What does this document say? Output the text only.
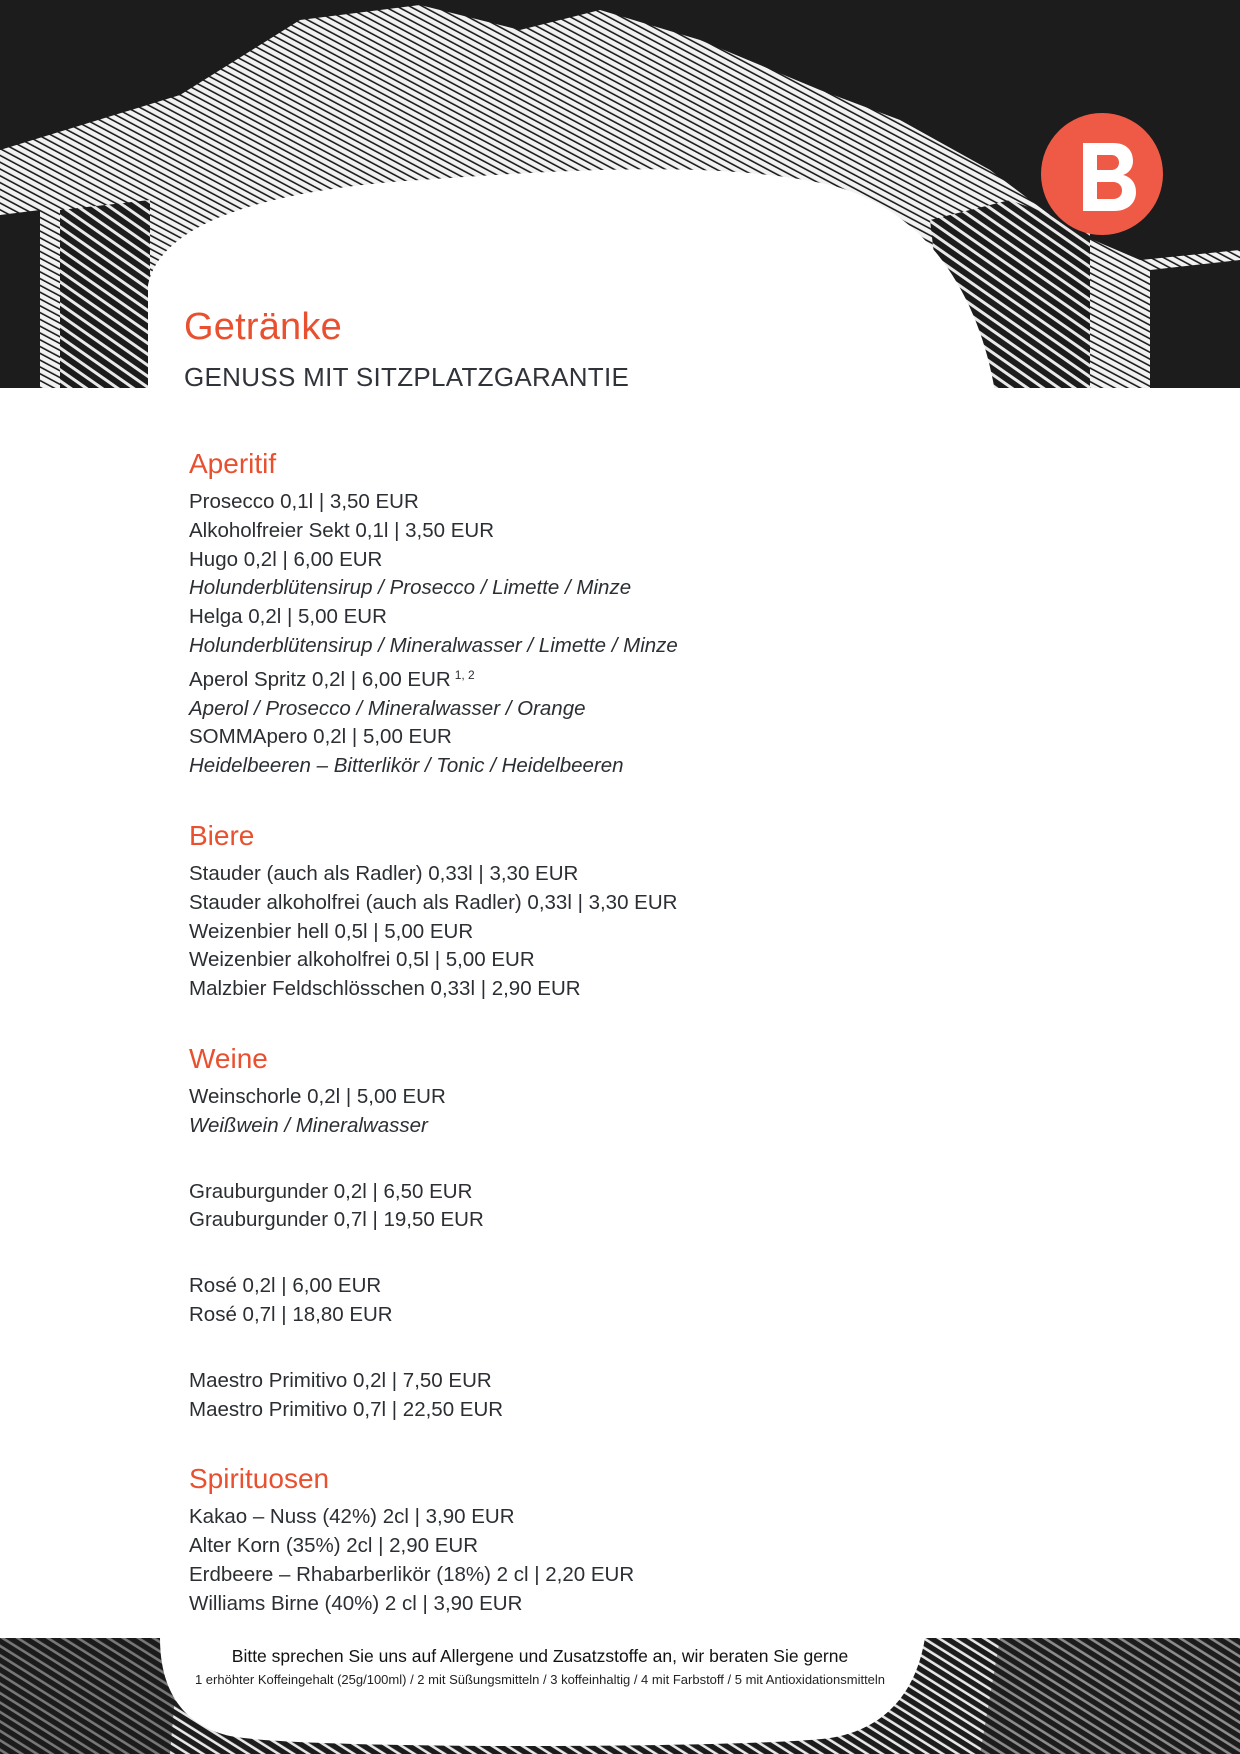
Getränke

GENUSS MIT SITZPLATZGARANTIE

Aperitif
Prosecco 0,1l | 3,50 EUR
Alkoholfreier Sekt 0,1l | 3,50 EUR
Hugo 0,2l | 6,00 EUR
Holunderblütensirup / Prosecco / Limette / Minze
Helga 0,2l | 5,00 EUR
Holunderblütensirup / Mineralwasser / Limette / Minze
Aperol Spritz 0,2l | 6,00 EUR $^{1, 2}$
Aperol / Prosecco / Mineralwasser / Orange
SOMMApero 0,2l | 5,00 EUR
Heidelbeeren – Bitterlikör / Tonic / Heidelbeeren
Biere
Stauder (auch als Radler) 0,33l | 3,30 EUR
Stauder alkoholfrei (auch als Radler) 0,33l | 3,30 EUR
Weizenbier hell 0,5l | 5,00 EUR
Weizenbier alkoholfrei 0,5l | 5,00 EUR
Malzbier Feldschlösschen 0,33l | 2,90 EUR
Weine
Weinschorle 0,2l | 5,00 EUR
Weißwein / Mineralwasser
Grauburgunder 0,2l | 6,50 EUR
Grauburgunder 0,7l | 19,50 EUR
Rosé 0,2l | 6,00 EUR
Rosé 0,7l | 18,80 EUR
Maestro Primitivo 0,2l | 7,50 EUR
Maestro Primitivo 0,7l | 22,50 EUR
Spirituosen
Kakao – Nuss (42%) 2cl | 3,90 EUR
Alter Korn (35%) 2cl | 2,90 EUR
Erdbeere – Rhabarberlikör (18%) 2 cl | 2,20 EUR
Williams Birne (40%) 2 cl | 3,90 EUR
Bitte sprechen Sie uns auf Allergene und Zusatzstoffe an, wir beraten Sie gerne
1 erhöhter Koffeingehalt (25g/100ml) / 2 mit Süßungsmitteln / 3 koffeinhaltig / 4 mit Farbstoff / 5 mit Antioxidationsmitteln
